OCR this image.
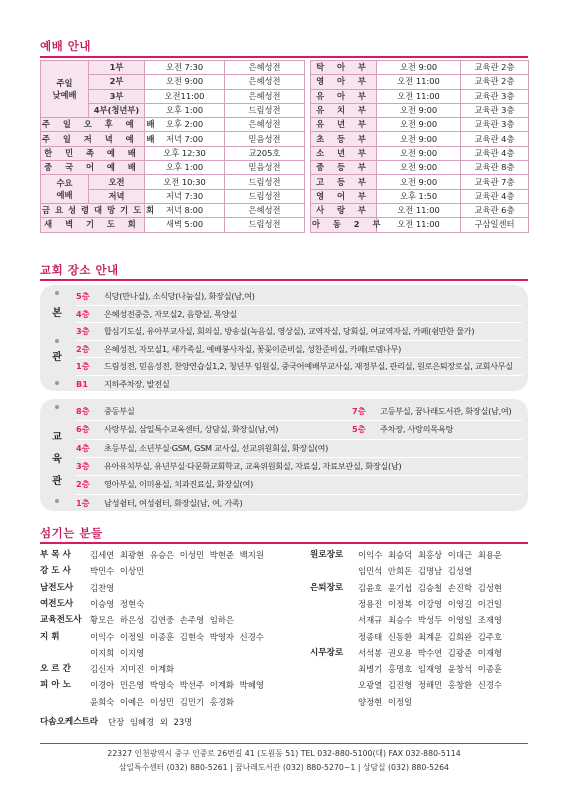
예배 안내
주일
낮예배	1부	오전 7:30	은혜성전		탁 아 부	오전 9:00	교육관 2층
	2부	오전 9:00	은혜성전		영 아 부	오전 11:00	교육관 2층
	3부	오전11:00	은혜성전		유 아 부	오전 11:00	교육관 3층
	4부(청년부)	오후 1:00	드림성전		유 치 부	오전 9:00	교육관 3층
주 일 오 후 예 배		오후 2:00	은혜성전		유 년 부	오전 9:00	교육관 3층
주 일 저 녁 예 배		저녁 7:00	믿음성전		초 등 부	오전 9:00	교육관 4층
한 민 족 예 배		오후 12:30	교205호		소 년 부	오전 9:00	교육관 4층
중 국 어 예 배		오후 1:00	믿음성전		중 등 부	오전 9:00	교육관 8층
수요
예배	오전	오전 10:30	드림성전		고 등 부	오전 9:00	교육관 7층
	저녁	저녁 7:30	드림성전		영 어 부	오후 1:50	교육관 4층
금요성령대망기도회		저녁 8:00	은혜성전		사 랑 부	오전 11:00	교육관 6층
새 벽 기 도 회		새벽 5:00	드림성전		아 동 2 부	오전 11:00	구삼일센터
교회 장소 안내
본
관
5층 식당(만나실), 소식당(나눔실), 화장실(남,여)
4층 은혜성전중층, 자모실2, 음향실, 목양실
3층 합심기도실, 유아부교사실, 회의실, 방송실(녹음실, 영상실), 교역자실, 당회실, 여교역자실, 카페(쉼만한 물가)
2층 은혜성전, 자모실1, 새가족실, 예배봉사자실, 꽃꽂이준비실, 성찬준비실, 카페(로뎀나무)
1층 드림성전, 믿음성전, 찬양연습실1,2, 청년부 임원실, 중국어예배부교사실, 재정부실, 관리실, 원로은퇴장로실, 교회사무실
B1 지하주차장, 발전실
교
육
관
8층 중등부실	7층 고등부실, 꿈나래도서관, 화장실(남,여)
6층 사랑부실, 삼일특수교육센터, 상담실, 화장실(남,여)	5층 주차장, 사랑의목욕탕
4층 초등부실, 소년부실·GSM, GSM 교사실, 선교위원회실, 화장실(여)
3층 유아유치부실, 유년부실·다문화교회학교, 교육위원회실, 자료실, 자료보관실, 화장실(남)
2층 영아부실, 이미용실, 치과진료실, 화장실(여)
1층 남성쉼터, 여성쉼터, 화장실(남, 여, 가족)
섬기는 분들
부 목 사 김세연 최광현 유승은 이성민 박현준 백지원
강 도 사 박민수 이상민
남전도사 김찬영
여전도사 이승영 정현숙
교육전도사 황모은 하은성 김연중 손주영 임하은
지 휘	이익수 이정일 이종훈 김현숙 박영자 신경수
이지희 이지영
오 르 간 김신자 지미진 이계화
피 아 노 이경아 민은영 박영숙 박선주 이계화 박혜영
윤희숙 이예은 이성민 김민기 홍경화
다솜오케스트라 단장 임혜경 외 23명
원로장로 이익수 최승덕 최홍상 이대근 최용운
임민석 안희돈 김명남 김성열
은퇴장로 김윤호 윤기섭 김승철 손진학 김성현
정용진 이정복 이강영 이영길 이건일
서재규 최승수 박성두 이영일 조재영
정종태 신동환 최계운 김희완 김주호
시무장로 서석봉 권오용 박수연 김광준 이재형
최병기 홍명호 임재영 윤창석 이종훈
오광열 김진형 정해민 홍창환 신경수
양정현 이정일
22327 인천광역시 중구 인중로 26번길 41 (도원동 51) TEL 032-880-5100(대) FAX 032-880-5114
삼일특수센터 (032) 880-5261 | 꿈나래도서관 (032) 880-5270~1 | 상담실 (032) 880-5264
